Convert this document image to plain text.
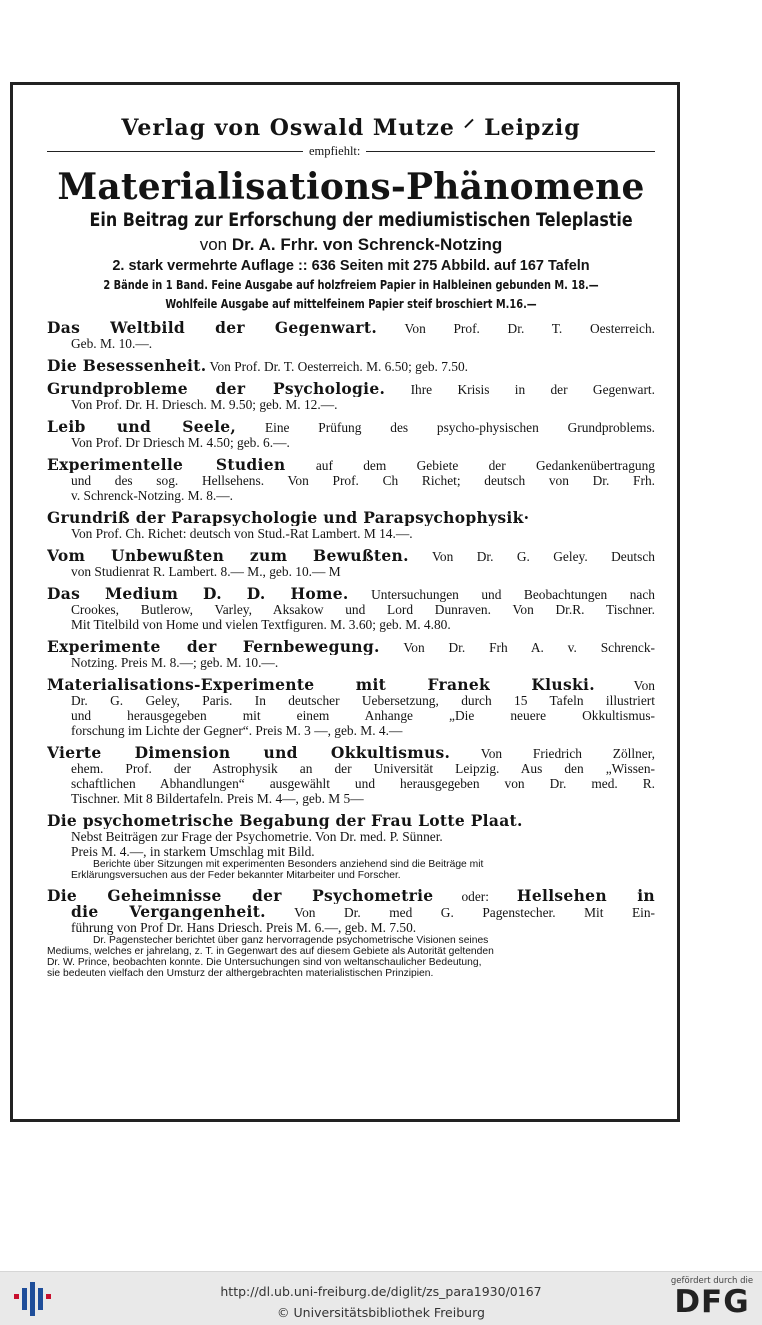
Verlag von Oswald Mutze ⸍ Leipzig
empfiehlt:
Materialisations-Phänomene
Ein Beitrag zur Erforschung der mediumistischen Teleplastie
von Dr. A. Frhr. von Schrenck-Notzing
2. stark vermehrte Auflage :: 636 Seiten mit 275 Abbild. auf 167 Tafeln
2 Bände in 1 Band. Feine Ausgabe auf holzfreiem Papier in Halbleinen gebunden M. 18.—
Wohlfeile Ausgabe auf mittelfeinem Papier steif broschiert M.16.—
Das Weltbild der Gegenwart. Von Prof. Dr. T. Oesterreich.
Geb. M. 10.—.
Die Besessenheit. Von Prof. Dr. T. Oesterreich. M. 6.50; geb. 7.50.
Grundprobleme der Psychologie. Ihre Krisis in der Gegenwart.
Von Prof. Dr. H. Driesch. M. 9.50; geb. M. 12.—.
Leib und Seele, Eine Prüfung des psycho-physischen Grundproblems.
Von Prof. Dr Driesch M. 4.50; geb. 6.—.
Experimentelle Studien auf dem Gebiete der Gedankenübertragung
und des sog. Hellsehens. Von Prof. Ch Richet; deutsch von Dr. Frh.
v. Schrenck-Notzing. M. 8.—.
Grundriß der Parapsychologie und Parapsychophysik·
Von Prof. Ch. Richet: deutsch von Stud.-Rat Lambert. M 14.—.
Vom Unbewußten zum Bewußten. Von Dr. G. Geley. Deutsch
von Studienrat R. Lambert. 8.— M., geb. 10.— M
Das Medium D. D. Home. Untersuchungen und Beobachtungen nach
Crookes, Butlerow, Varley, Aksakow und Lord Dunraven. Von Dr.R. Tischner.
Mit Titelbild von Home und vielen Textfiguren. M. 3.60; geb. M. 4.80.
Experimente der Fernbewegung. Von Dr. Frh A. v. Schrenck-
Notzing. Preis M. 8.—; geb. M. 10.—.
Materialisations-Experimente mit Franek Kluski.	Von
Dr. G. Geley, Paris. In deutscher Uebersetzung, durch 15 Tafeln illustriert
und herausgegeben mit einem Anhange „Die neuere Okkultismus-
forschung im Lichte der Gegner“. Preis M. 3 —, geb. M. 4.—
Vierte Dimension und Okkultismus. Von Friedrich Zöllner,
ehem. Prof. der Astrophysik an der Universität Leipzig. Aus den „Wissen-
schaftlichen Abhandlungen“ ausgewählt und herausgegeben von Dr. med. R.
Tischner. Mit 8 Bildertafeln. Preis M. 4—, geb. M 5—
Die psychometrische Begabung der Frau Lotte Plaat.
Nebst Beiträgen zur Frage der Psychometrie. Von Dr. med. P. Sünner.
Preis M. 4.—, in starkem Umschlag mit Bild.
Berichte über Sitzungen mit experimenten Besonders anziehend sind die Beiträge mit
Erklärungsversuchen aus der Feder bekannter Mitarbeiter und Forscher.
Die Geheimnisse der Psychometrie oder: Hellsehen in
die Vergangenheit. Von Dr. med G. Pagenstecher. Mit Ein-
führung von Prof Dr. Hans Driesch. Preis M. 6.—, geb. M. 7.50.
Dr. Pagenstecher berichtet über ganz hervorragende psychometrische Visionen seines
Mediums, welches er jahrelang, z. T. in Gegenwart des auf diesem Gebiete als Autorität geltenden
Dr. W. Prince, beobachten konnte. Die Untersuchungen sind von weltanschaulicher Bedeutung,
sie bedeuten vielfach den Umsturz der althergebrachten materialistischen Prinzipien.
http://dl.ub.uni-freiburg.de/diglit/zs_para1930/0167
© Universitätsbibliothek Freiburg
gefördert durch die
DFG
